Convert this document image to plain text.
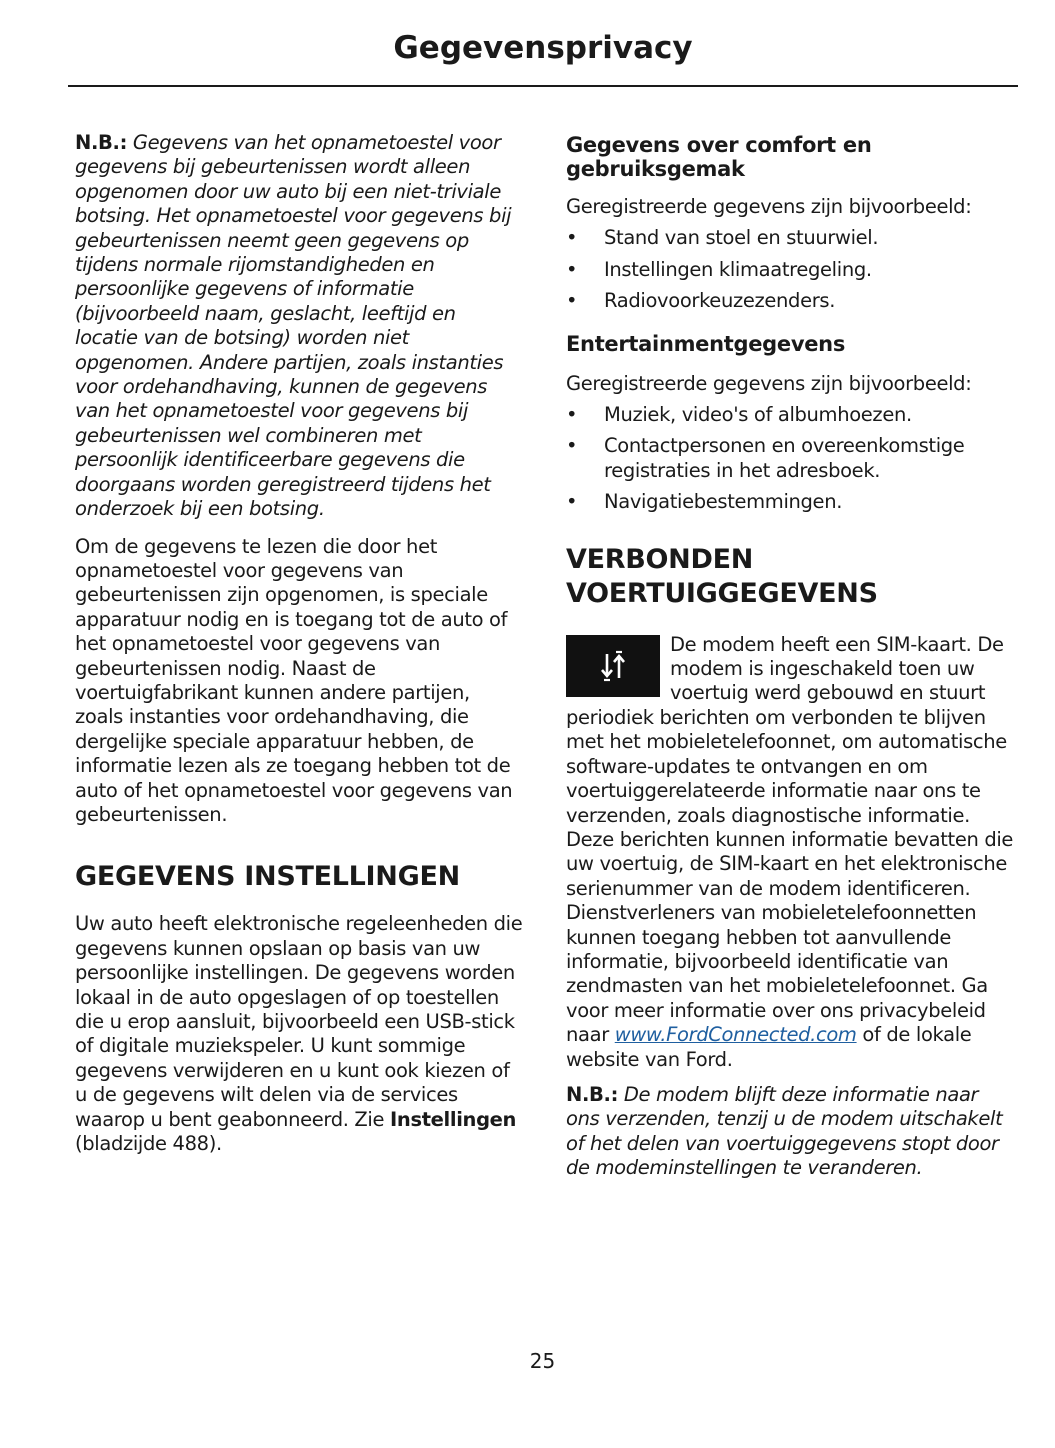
Gegevensprivacy

N.B.: Gegevens van het opnametoestel voor gegevens bij gebeurtenissen wordt alleen opgenomen door uw auto bij een niet-triviale botsing. Het opnametoestel voor gegevens bij gebeurtenissen neemt geen gegevens op tijdens normale rijomstandigheden en persoonlijke gegevens of informatie (bijvoorbeeld naam, geslacht, leeftijd en locatie van de botsing) worden niet opgenomen. Andere partijen, zoals instanties voor ordehandhaving, kunnen de gegevens van het opnametoestel voor gegevens bij gebeurtenissen wel combineren met persoonlijk identificeerbare gegevens die doorgaans worden geregistreerd tijdens het onderzoek bij een botsing.

Om de gegevens te lezen die door het opnametoestel voor gegevens van gebeurtenissen zijn opgenomen, is speciale apparatuur nodig en is toegang tot de auto of het opnametoestel voor gegevens van gebeurtenissen nodig. Naast de voertuigfabrikant kunnen andere partijen, zoals instanties voor ordehandhaving, die dergelijke speciale apparatuur hebben, de informatie lezen als ze toegang hebben tot de auto of het opnametoestel voor gegevens van gebeurtenissen.

GEGEVENS INSTELLINGEN

Uw auto heeft elektronische regeleenheden die gegevens kunnen opslaan op basis van uw persoonlijke instellingen. De gegevens worden lokaal in de auto opgeslagen of op toestellen die u erop aansluit, bijvoorbeeld een USB-stick of digitale muziekspeler. U kunt sommige gegevens verwijderen en u kunt ook kiezen of u de gegevens wilt delen via de services waarop u bent geabonneerd. Zie Instellingen (bladzijde 488).

Gegevens over comfort en gebruiksgemak

Geregistreerde gegevens zijn bijvoorbeeld:

• Stand van stoel en stuurwiel.
• Instellingen klimaatregeling.
• Radiovoorkeuzezenders.
Entertainmentgegevens

Geregistreerde gegevens zijn bijvoorbeeld:

• Muziek, video's of albumhoezen.
• Contactpersonen en overeenkomstige registraties in het adresboek.
• Navigatiebestemmingen.
VERBONDEN
VOERTUIGGEGEVENS

De modem heeft een SIM-kaart. De modem is ingeschakeld toen uw voertuig werd gebouwd en stuurt periodiek berichten om verbonden te blijven met het mobieletelefoonnet, om automatische software-updates te ontvangen en om voertuiggerelateerde informatie naar ons te verzenden, zoals diagnostische informatie. Deze berichten kunnen informatie bevatten die uw voertuig, de SIM-kaart en het elektronische serienummer van de modem identificeren. Dienstverleners van mobieletelefoonnetten kunnen toegang hebben tot aanvullende informatie, bijvoorbeeld identificatie van zendmasten van het mobieletelefoonnet. Ga voor meer informatie over ons privacybeleid naar www.FordConnected.com of de lokale website van Ford.

N.B.: De modem blijft deze informatie naar ons verzenden, tenzij u de modem uitschakelt of het delen van voertuiggegevens stopt door de modeminstellingen te veranderen.

25
